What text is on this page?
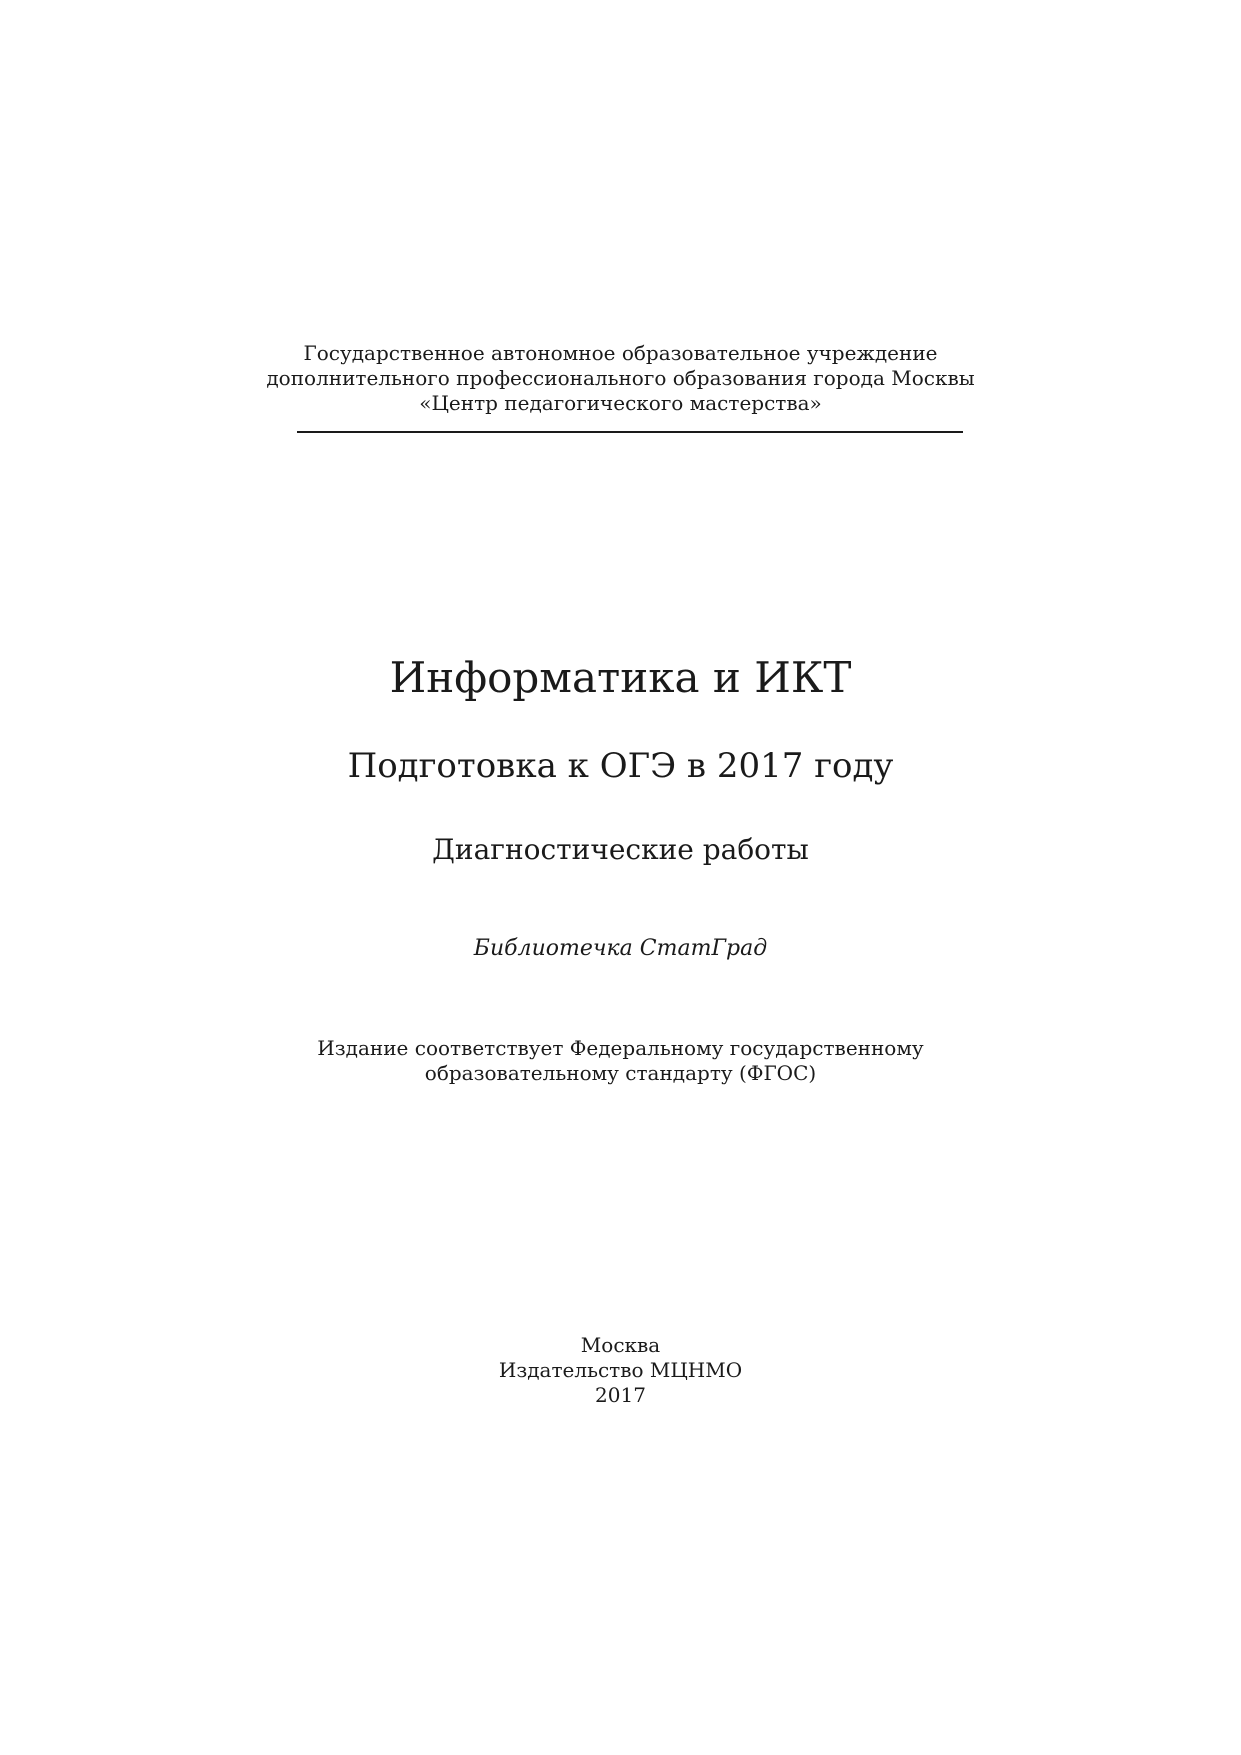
Государственное автономное образовательное учреждение
дополнительного профессионального образования города Москвы
«Центр педагогического мастерства»
Информатика и ИКТ
Подготовка к ОГЭ в 2017 году
Диагностические работы
Библиотечка СтатГрад
Издание соответствует Федеральному государственному
образовательному стандарту (ФГОС)
Москва
Издательство МЦНМО
2017
